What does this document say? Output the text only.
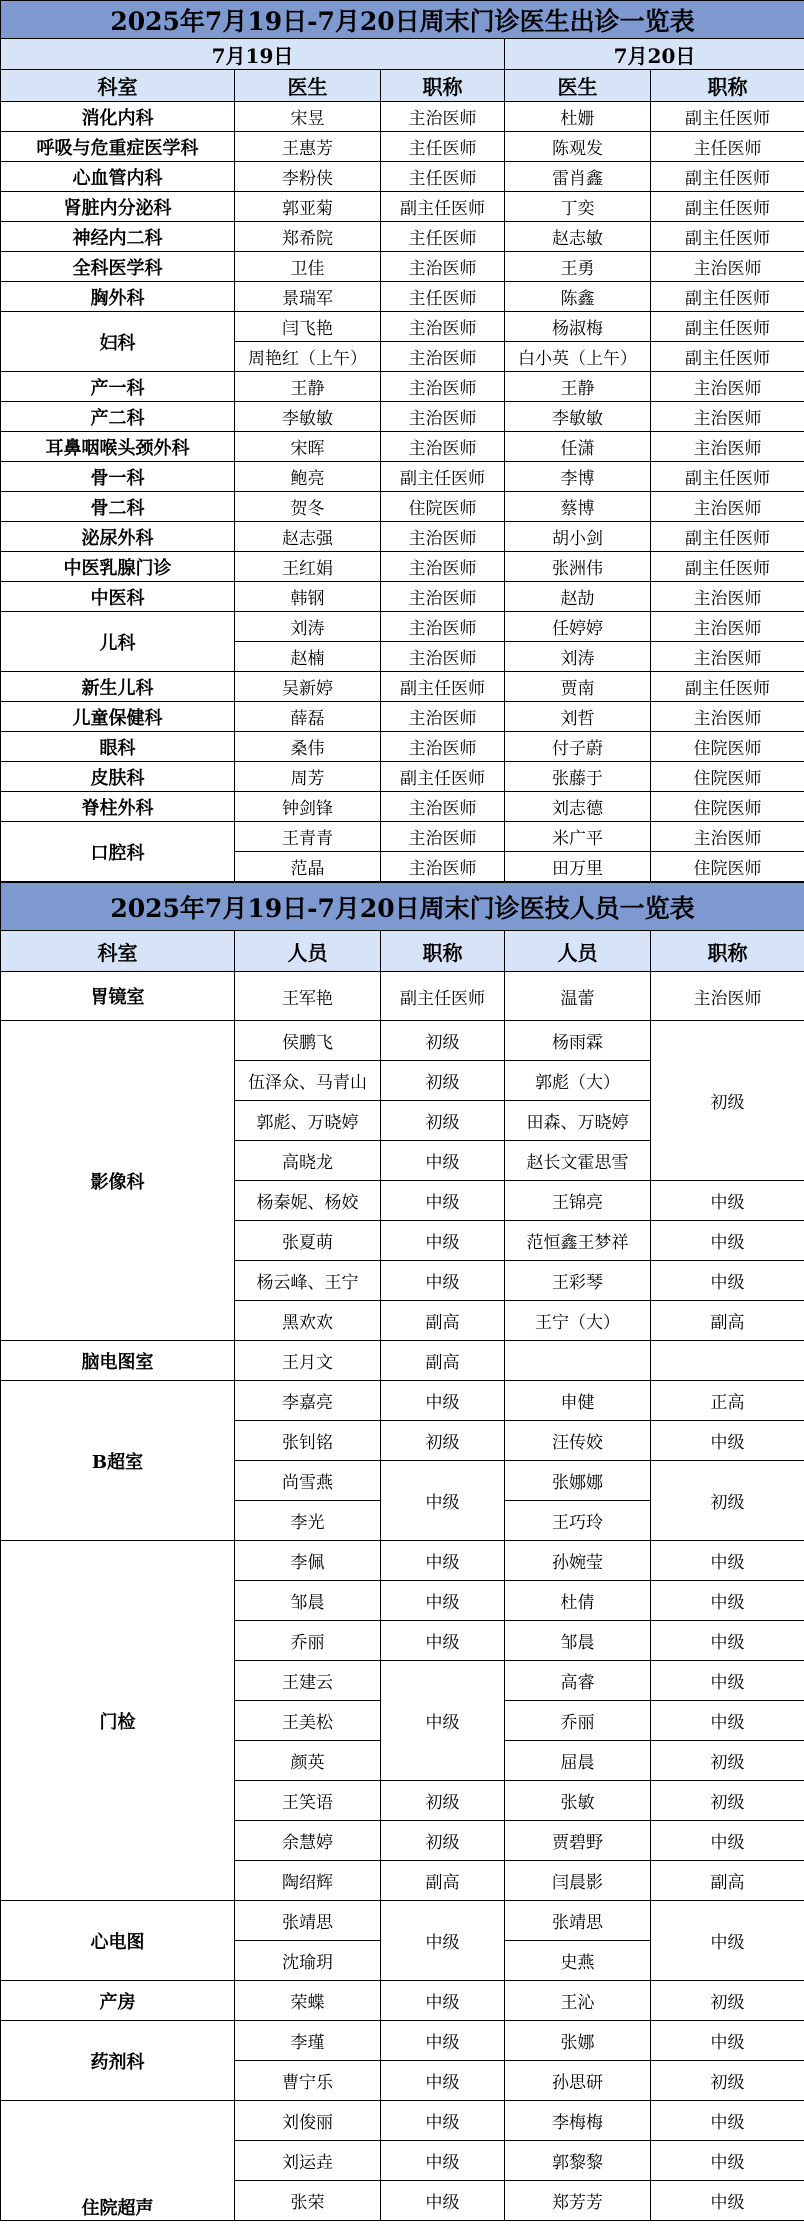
2025年7月19日-7月20日周末门诊医生出诊一览表				
7月19日			7月20日	
科室	医生	职称	医生	职称
消化内科	宋昱	主治医师	杜姗	副主任医师
呼吸与危重症医学科	王惠芳	主任医师	陈观发	主任医师
心血管内科	李粉侠	主任医师	雷肖鑫	副主任医师
肾脏内分泌科	郭亚菊	副主任医师	丁奕	副主任医师
神经内二科	郑希院	主任医师	赵志敏	副主任医师
全科医学科	卫佳	主治医师	王勇	主治医师
胸外科	景瑞军	主任医师	陈鑫	副主任医师
妇科	闫飞艳	主治医师	杨淑梅	副主任医师
	周艳红（上午）	主治医师	白小英（上午）	副主任医师
产一科	王静	主治医师	王静	主治医师
产二科	李敏敏	主治医师	李敏敏	主治医师
耳鼻咽喉头颈外科	宋晖	主治医师	任潇	主治医师
骨一科	鲍亮	副主任医师	李博	副主任医师
骨二科	贺冬	住院医师	蔡博	主治医师
泌尿外科	赵志强	主治医师	胡小剑	副主任医师
中医乳腺门诊	王红娟	主治医师	张洲伟	副主任医师
中医科	韩钢	主治医师	赵劼	主治医师
儿科	刘涛	主治医师	任婷婷	主治医师
	赵楠	主治医师	刘涛	主治医师
新生儿科	吴新婷	副主任医师	贾南	副主任医师
儿童保健科	薛磊	主治医师	刘哲	主治医师
眼科	桑伟	主治医师	付子蔚	住院医师
皮肤科	周芳	副主任医师	张藤于	住院医师
脊柱外科	钟剑锋	主治医师	刘志德	住院医师
口腔科	王青青	主治医师	米广平	主治医师
	范晶	主治医师	田万里	住院医师
2025年7月19日-7月20日周末门诊医技人员一览表				
科室	人员	职称	人员	职称
胃镜室	王军艳	副主任医师	温蕾	主治医师
影像科	侯鹏飞	初级	杨雨霖	初级
	伍泽众、马青山	初级	郭彪（大）	
	郭彪、万晓婷	初级	田森、万晓婷	
	高晓龙	中级	赵长文霍思雪	
	杨秦妮、杨姣	中级	王锦亮	中级
	张夏萌	中级	范恒鑫王梦祥	中级
	杨云峰、王宁	中级	王彩琴	中级
	黑欢欢	副高	王宁（大）	副高
脑电图室	王月文	副高		
B超室	李嘉亮	中级	申健	正高
	张钊铭	初级	汪传姣	中级
	尚雪燕	中级	张娜娜	初级
	李光		王巧玲	
门检	李佩	中级	孙婉莹	中级
	邹晨	中级	杜倩	中级
	乔丽	中级	邹晨	中级
	王建云	中级	高睿	中级
	王美松		乔丽	中级
	颜英		屈晨	初级
	王笑语	初级	张敏	初级
	余慧婷	初级	贾碧野	中级
	陶绍辉	副高	闫晨影	副高
心电图	张靖思	中级	张靖思	中级
	沈瑜玥		史燕	
产房	荣蝶	中级	王沁	初级
药剂科	李瑾	中级	张娜	中级
	曹宁乐	中级	孙思研	初级
住院超声	刘俊丽	中级	李梅梅	中级
	刘运垚	中级	郭黎黎	中级
	张荣	中级	郑芳芳	中级
